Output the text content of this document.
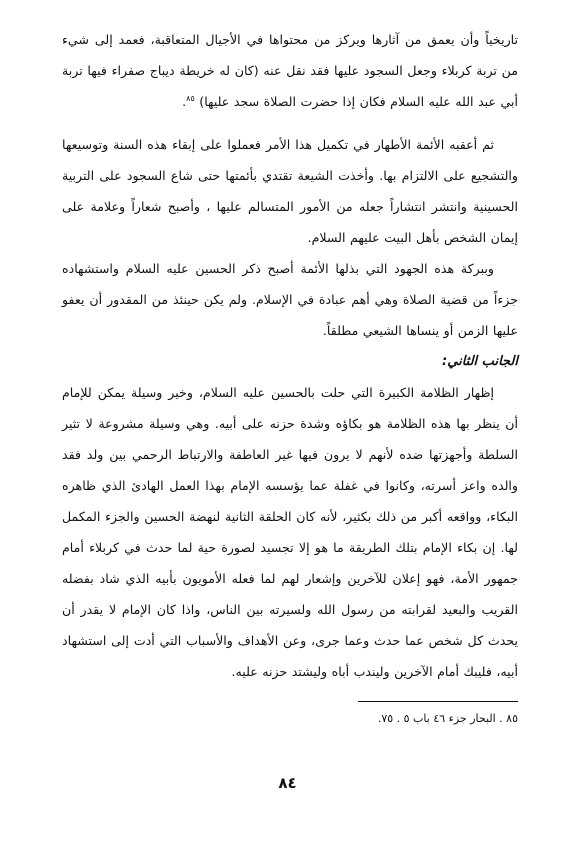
تاريخياً وأن يعمق من آثارها ويركز من محتواها في الأجيال المتعاقبة، فعمد إلى شيء من تربة كربلاء وجعل السجود عليها فقد نقل عنه (كان له خريطة ديباج صفراء فيها تربة أبي عبد الله عليه السلام فكان إذا حضرت الصلاة سجد عليها) $^{٨٥}$.

ثم أعقبه الأئمة الأطهار في تكميل هذا الأمر فعملوا على إبقاء هذه السنة وتوسيعها والتشجيع على الالتزام بها. وأخذت الشيعة تقتدي بأئمتها حتى شاع السجود على التربية الحسينية وانتشر انتشاراً جعله من الأمور المتسالم عليها ، وأصبح شعاراً وعلامة على إيمان الشخص بأهل البيت عليهم السلام.

وببركة هذه الجهود التي بذلها الأئمة أصبح ذكر الحسين عليه السلام واستشهاده جزءاً من قضية الصلاة وهي أهم عبادة في الإسلام. ولم يكن حينئذ من المقدور أن يعفو عليها الزمن أو ينساها الشيعي مطلقاً.

الجانب الثاني:

إظهار الظلامة الكبيرة التي حلت بالحسين عليه السلام، وخير وسيلة يمكن للإمام أن ينظر بها هذه الظلامة هو بكاؤه وشدة حزنه على أبيه. وهي وسيلة مشروعة لا تثير السلطة وأجهزتها ضده لأنهم لا يرون فيها غير العاطفة والارتباط الرحمي بين ولد فقد والده واعز أسرته، وكانوا في غفلة عما يؤسسه الإمام بهذا العمل الهادئ الذي ظاهره البكاء، وواقعه أكبر من ذلك بكثير، لأنه كان الحلقة الثانية لنهضة الحسين والجزء المكمل لها. إن بكاء الإمام بتلك الطريقة ما هو إلا تجسيد لصورة حية لما حدث في كربلاء أمام جمهور الأمة، فهو إعلان للآخرين وإشعار لهم لما فعله الأمويون بأبيه الذي شاد بفضله القريب والبعيد لقرابته من رسول الله ولسيرته بين الناس، واذا كان الإمام لا يقدر أن يحدث كل شخص عما حدث وعما جرى، وعن الأهداف والأسباب التي أدت إلى استشهاد أبيه، فليبك أمام الآخرين وليندب أباه وليشتد حزنه عليه.

٨٥ . البحار جزء ٤٦ باب ٥ . ٧٥.

٨٤
